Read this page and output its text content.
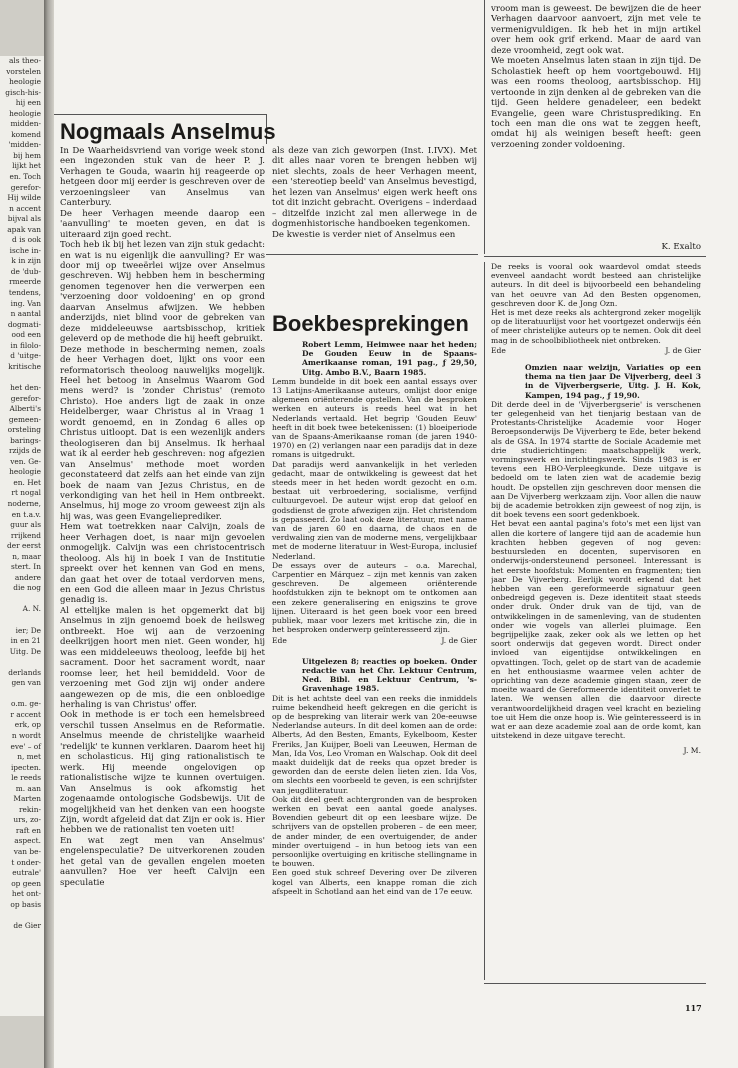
als theo-
vorstelen
heologie
gisch-his-
hij een
heologie
midden-
komend
'midden-
bij hem
lijkt het
en. Toch
gerefor-
Hij wilde
n accent
bijval als
apak van
d is ook
ische in-
k in zijn
de 'dub-
rmeerde
tendens,
ing. Van
n aantal
dogmati-
ood een
in filolo-
d 'uitge-
kritische

het den-
gerefor-
Alberti's
gemeen-
orsteling
barings-
rzijds de
ven. Ge-
heologie
en. Het
rt nogal
noderne,
en t.a.v.
guur als
rrijkend
der eerst
n, maar
stert. In
andere
die nog

A. N.

ier; De
in en 21
Uitg. De

derlands
gen van

o.m. ge-
r accent
erk, op
n wordt
eve' – of
n, met
ipecten.
le reeds
m. aan
Marten
rekin-
urs, zo-
raft en
aspect.
van be-
t onder-
eutrale'
op geen
het ont-
op basis

de Gier
Nogmaals Anselmus

In De Waarheidsvriend van vorige week stond een ingezonden stuk van de heer P. J. Verhagen te Gouda, waarin hij reageerde op hetgeen door mij eerder is geschreven over de verzoeningsleer van Anselmus van Canterbury.

De heer Verhagen meende daarop een 'aanvulling' te moeten geven, en dat is uiteraard zijn goed recht.

Toch heb ik bij het lezen van zijn stuk gedacht: en wat is nu eigenlijk die aanvulling? Er was door mij op tweeërlei wijze over Anselmus geschreven. Wij hebben hem in bescherming genomen tegenover hen die verwerpen een 'verzoening door voldoening' en op grond daarvan Anselmus afwijzen. We hebben anderzijds, niet blind voor de gebreken van deze middeleeuwse aartsbisschop, kritiek geleverd op de methode die hij heeft gebruikt.

Deze methode in bescherming nemen, zoals de heer Verhagen doet, lijkt ons voor een reformatorisch theoloog nauwelijks mogelijk. Heel het betoog in Anselmus Waarom God mens werd? is 'zonder Christus' (remoto Christo). Hoe anders ligt de zaak in onze Heidelberger, waar Christus al in Vraag 1 wordt genoemd, en in Zondag 6 alles op Christus uitloopt. Dat is een wezenlijk anders theologiseren dan bij Anselmus. Ik herhaal wat ik al eerder heb geschreven: nog afgezien van Anselmus' methode moet worden geconstateerd dat zelfs aan het einde van zijn boek de naam van Jezus Christus, en de verkondiging van het heil in Hem ontbreekt. Anselmus, hij moge zo vroom geweest zijn als hij was, was geen Evangelieprediker.

Hem wat toetrekken naar Calvijn, zoals de heer Verhagen doet, is naar mijn gevoelen onmogelijk. Calvijn was een christocentrisch theoloog. Als hij in boek I van de Institutie spreekt over het kennen van God en mens, dan gaat het over de totaal verdorven mens, en een God die alleen maar in Jezus Christus genadig is.

Al ettelijke malen is het opgemerkt dat bij Anselmus in zijn genoemd boek de heilsweg ontbreekt. Hoe wij aan de verzoening deelkrijgen hoort men niet. Geen wonder, hij was een middeleeuws theoloog, leefde bij het sacrament. Door het sacrament wordt, naar roomse leer, het heil bemiddeld. Voor de verzoening met God zijn wij onder andere aangewezen op de mis, die een onbloedige herhaling is van Christus' offer.

Ook in methode is er toch een hemelsbreed verschil tussen Anselmus en de Reformatie. Anselmus meende de christelijke waarheid 'redelijk' te kunnen verklaren. Daarom heet hij en scholasticus. Hij ging rationalistisch te werk. Hij meende ongelovigen op rationalistische wijze te kunnen overtuigen. Van Anselmus is ook afkomstig het zogenaamde ontologische Godsbewijs. Uit de mogelijkheid van het denken van een hoogste Zijn, wordt afgeleid dat dat Zijn er ook is. Hier hebben we de rationalist ten voeten uit!

En wat zegt men van Anselmus' engelenspeculatie? De uitverkorenen zouden het getal van de gevallen engelen moeten aanvullen? Hoe ver heeft Calvijn een speculatie

als deze van zich geworpen (Inst. I.IVX). Met dit alles naar voren te brengen hebben wij niet slechts, zoals de heer Verhagen meent, een 'stereotiep beeld' van Anselmus bevestigd, het lezen van Anselmus' eigen werk heeft ons tot dit inzicht gebracht. Overigens – inderdaad – ditzelfde inzicht zal men allerwege in de dogmenhistorische handboeken tegenkomen.

De kwestie is verder niet of Anselmus een

vroom man is geweest. De bewijzen die de heer Verhagen daarvoor aanvoert, zijn met vele te vermenigvuldigen. Ik heb het in mijn artikel over hem ook grif erkend. Maar de aard van deze vroomheid, zegt ook wat.

We moeten Anselmus laten staan in zijn tijd. De Scholastiek heeft op hem voortgebouwd. Hij was een rooms theoloog, aartsbisschop. Hij vertoonde in zijn denken al de gebreken van die tijd. Geen heldere genadeleer, een bedekt Evangelie, geen ware Christusprediking. En toch een man die ons wat te zeggen heeft, omdat hij als weinigen beseft heeft: geen verzoening zonder voldoening.

K. Exalto
Boekbesprekingen

Robert Lemm, Heimwee naar het heden; De Gouden Eeuw in de Spaans-Amerikaanse roman, 191 pag., ƒ 29,50, Uitg. Ambo B.V., Baarn 1985.

Lemm bundelde in dit boek een aantal essays over 13 Latijns-Amerikaanse auteurs, omlijst door enige algemeen oriënterende opstellen. Van de besproken werken en auteurs is reeds heel wat in het Nederlands vertaald. Het begrip 'Gouden Eeuw' heeft in dit boek twee betekenissen: (1) bloeiperiode van de Spaans-Amerikaanse roman (de jaren 1940-1970) en (2) verlangen naar een paradijs dat in deze romans is uitgedrukt.

Dat paradijs werd aanvankelijk in het verleden gedacht, maar de ontwikkeling is geweest dat het steeds meer in het heden wordt gezocht en o.m. bestaat uit verbroedering, socialisme, verfijnd cultuurgevoel. De auteur wijst erop dat geloof en godsdienst de grote afwezigen zijn. Het christendom is gepasseerd. Zo laat ook deze literatuur, met name van de jaren 60 en daarna, de chaos en de verdwaling zien van de moderne mens, vergelijkbaar met de moderne literatuur in West-Europa, inclusief Nederland.

De essays over de auteurs – o.a. Marechal, Carpentier en Márquez – zijn met kennis van zaken geschreven. De algemeen oriënterende hoofdstukken zijn te beknopt om te ontkomen aan een zekere generalisering en enigszins te grove lijnen. Uiteraard is het geen boek voor een breed publiek, maar voor lezers met kritische zin, die in het besproken onderwerp geïnteresseerd zijn.

Ede	J. de Gier

Uitgelezen 8; reacties op boeken. Onder redactie van het Chr. Lektuur Centrum, Ned. Bibl. en Lektuur Centrum, 's-Gravenhage 1985.

Dit is het achtste deel van een reeks die inmiddels ruime bekendheid heeft gekregen en die gericht is op de bespreking van literair werk van 20e-eeuwse Nederlandse auteurs. In dit deel komen aan de orde: Alberts, Ad den Besten, Emants, Eykelboom, Kester Freriks, Jan Kuijper, Boeli van Leeuwen, Herman de Man, Ida Vos, Leo Vroman en Walschap. Ook dit deel maakt duidelijk dat de reeks qua opzet breder is geworden dan de eerste delen lieten zien. Ida Vos, om slechts een voorbeeld te geven, is een schrijfster van jeugdliteratuur.

Ook dit deel geeft achtergronden van de besproken werken en bevat een aantal goede analyses. Bovendien gebeurt dit op een leesbare wijze. De schrijvers van de opstellen proberen – de een meer, de ander minder, de een overtuigender, de ander minder overtuigend – in hun betoog iets van een persoonlijke overtuiging en kritische stellingname in te bouwen.

Een goed stuk schreef Devering over De zilveren kogel van Alberts, een knappe roman die zich afspeelt in Schotland aan het eind van de 17e eeuw.

De reeks is vooral ook waardevol omdat steeds evenveel aandacht wordt besteed aan christelijke auteurs. In dit deel is bijvoorbeeld een behandeling van het oeuvre van Ad den Besten opgenomen, geschreven door K. de Jong Ozn.

Het is met deze reeks als achtergrond zeker mogelijk op de literatuurlijst voor het voortgezet onderwijs één of meer christelijke auteurs op te nemen. Ook dit deel mag in de schoolbibliotheek niet ontbreken.

Ede	J. de Gier

Omzien naar welzijn, Variaties op een thema na tien jaar De Vijverberg, deel 3 in de Vijverbergserie, Uitg. J. H. Kok, Kampen, 194 pag., ƒ 19,90.

Dit derde deel in de 'Vijverbergserie' is verschenen ter gelegenheid van het tienjarig bestaan van de Protestants-Christelijke Academie voor Hoger Beroepsonderwijs De Vijverberg te Ede, beter bekend als de GSA. In 1974 startte de Sociale Academie met drie studierichtingen: maatschappelijk werk, vormingswerk en inrichtingswerk. Sinds 1983 is er tevens een HBO-Verpleegkunde. Deze uitgave is bedoeld om te laten zien wat de academie bezig houdt. De opstellen zijn geschreven door mensen die aan De Vijverberg werkzaam zijn. Voor allen die nauw bij de academie betrokken zijn geweest of nog zijn, is dit boek tevens een soort gedenkboek.

Het bevat een aantal pagina's foto's met een lijst van allen die kortere of langere tijd aan de academie hun krachten hebben gegeven of nog geven: bestuursleden en docenten, supervisoren en onderwijs-ondersteunend personeel. Interessant is het eerste hoofdstuk: Momenten en fragmenten; tien jaar De Vijverberg. Eerlijk wordt erkend dat het hebben van een gereformeerde signatuur geen onbedreigd gegeven is. Deze identiteit staat steeds onder druk. Onder druk van de tijd, van de ontwikkelingen in de samenleving, van de studenten onder wie vogels van allerlei pluimage. Een begrijpelijke zaak, zeker ook als we letten op het soort onderwijs dat gegeven wordt. Direct onder invloed van eigentijdse ontwikkelingen en opvattingen. Toch, gelet op de start van de academie en het enthousiasme waarmee velen achter de oprichting van deze academie gingen staan, zeer de moeite waard de Gereformeerde identiteit onverlet te laten. We wensen allen die daarvoor directe verantwoordelijkheid dragen veel kracht en bezieling toe uit Hem die onze hoop is. Wie geïnteresseerd is in wat er aan deze academie zoal aan de orde komt, kan uitstekend in deze uitgave terecht.

J. M.
117
